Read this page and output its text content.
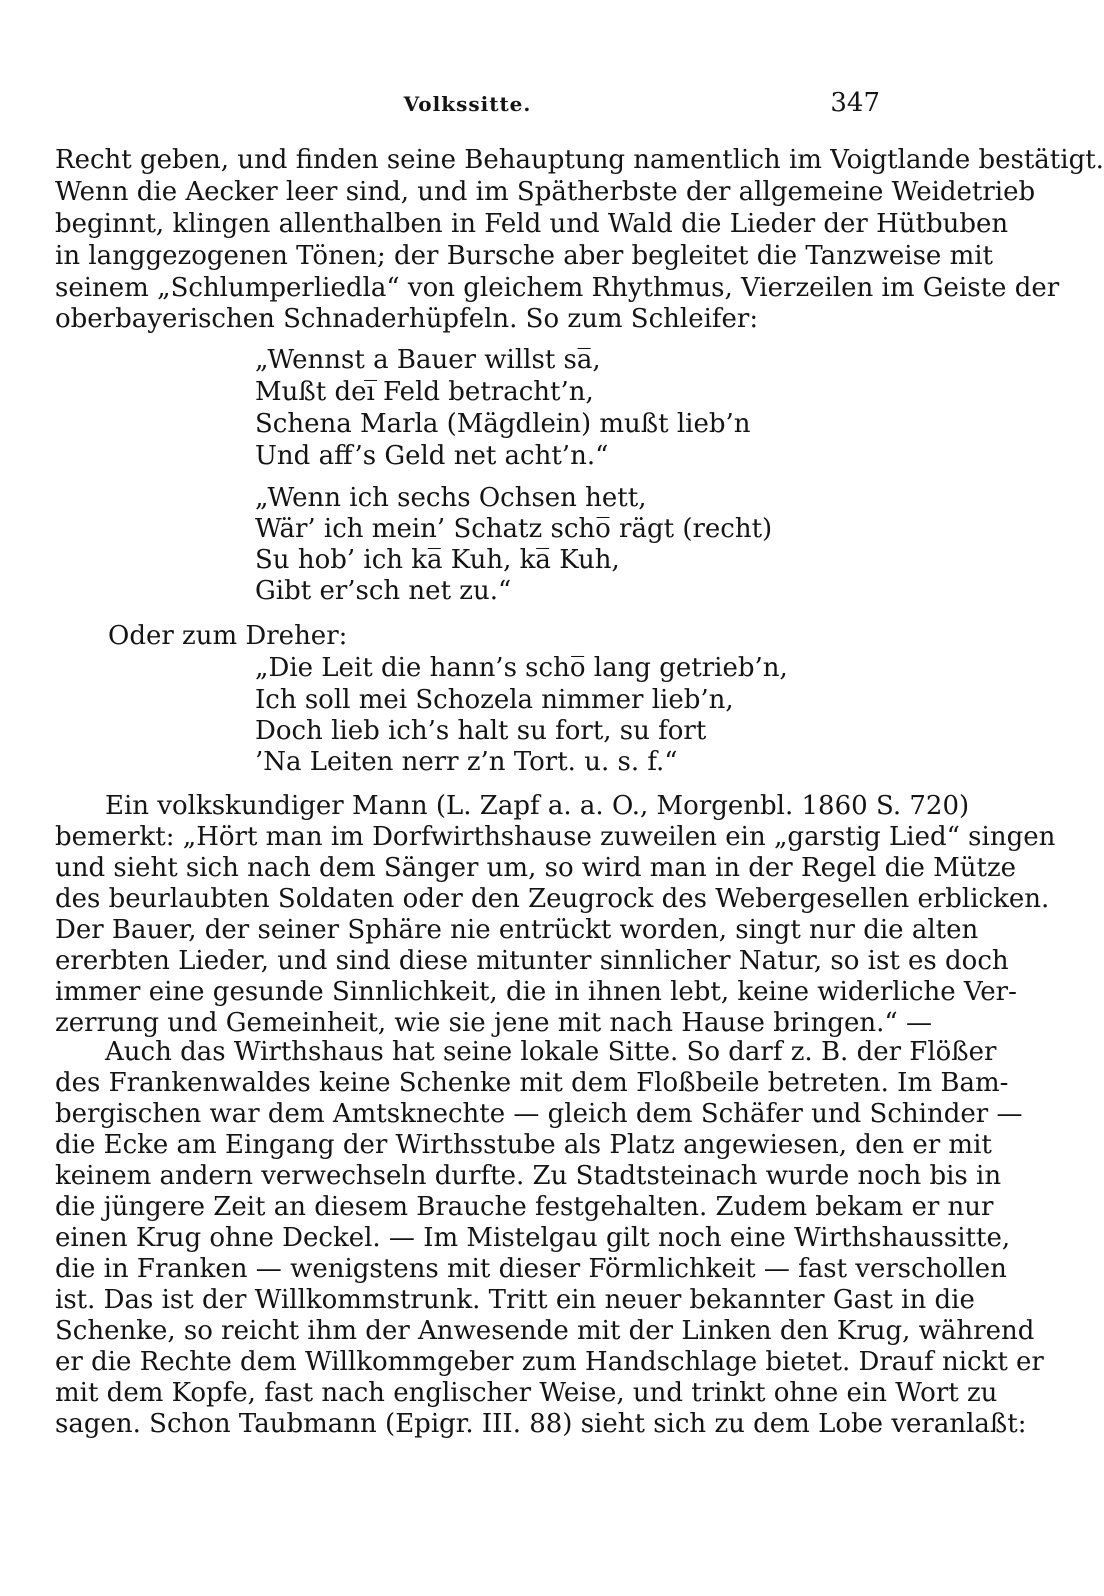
Volkssitte.	347

Recht geben, und finden seine Behauptung namentlich im Voigtlande bestätigt.

Wenn die Aecker leer sind, und im Spätherbste der allgemeine Weidetrieb

beginnt, klingen allenthalben in Feld und Wald die Lieder der Hütbuben

in langgezogenen Tönen; der Bursche aber begleitet die Tanzweise mit

seinem „Schlumperliedla“ von gleichem Rhythmus, Vierzeilen im Geiste der

oberbayerischen Schnaderhüpfeln. So zum Schleifer:

„Wennst a Bauer willst sa̅,

Mußt dei̅ Feld betracht’n,

Schena Marla (Mägdlein) mußt lieb’n

Und aff’s Geld net acht’n.“

„Wenn ich sechs Ochsen hett,

Wär’ ich mein’ Schatz scho̅ rägt (recht)

Su hob’ ich ka̅ Kuh, ka̅ Kuh,

Gibt er’sch net zu.“

Oder zum Dreher:

„Die Leit die hann’s scho̅ lang getrieb’n,

Ich soll mei Schozela nimmer lieb’n,

Doch lieb ich’s halt su fort, su fort

’Na Leiten nerr z’n Tort. u. s. f.“

Ein volkskundiger Mann (L. Zapf a. a. O., Morgenbl. 1860 S. 720)

bemerkt: „Hört man im Dorfwirthshause zuweilen ein „garstig Lied“ singen

und sieht sich nach dem Sänger um, so wird man in der Regel die Mütze

des beurlaubten Soldaten oder den Zeugrock des Webergesellen erblicken.

Der Bauer, der seiner Sphäre nie entrückt worden, singt nur die alten

ererbten Lieder, und sind diese mitunter sinnlicher Natur, so ist es doch

immer eine gesunde Sinnlichkeit, die in ihnen lebt, keine widerliche Ver-

zerrung und Gemeinheit, wie sie jene mit nach Hause bringen.“ —

Auch das Wirthshaus hat seine lokale Sitte. So darf z. B. der Flößer

des Frankenwaldes keine Schenke mit dem Floßbeile betreten. Im Bam-

bergischen war dem Amtsknechte — gleich dem Schäfer und Schinder —

die Ecke am Eingang der Wirthsstube als Platz angewiesen, den er mit

keinem andern verwechseln durfte. Zu Stadtsteinach wurde noch bis in

die jüngere Zeit an diesem Brauche festgehalten. Zudem bekam er nur

einen Krug ohne Deckel. — Im Mistelgau gilt noch eine Wirthshaussitte,

die in Franken — wenigstens mit dieser Förmlichkeit — fast verschollen

ist. Das ist der Willkommstrunk. Tritt ein neuer bekannter Gast in die

Schenke, so reicht ihm der Anwesende mit der Linken den Krug, während

er die Rechte dem Willkommgeber zum Handschlage bietet. Drauf nickt er

mit dem Kopfe, fast nach englischer Weise, und trinkt ohne ein Wort zu

sagen. Schon Taubmann (Epigr. III. 88) sieht sich zu dem Lobe veranlaßt:
